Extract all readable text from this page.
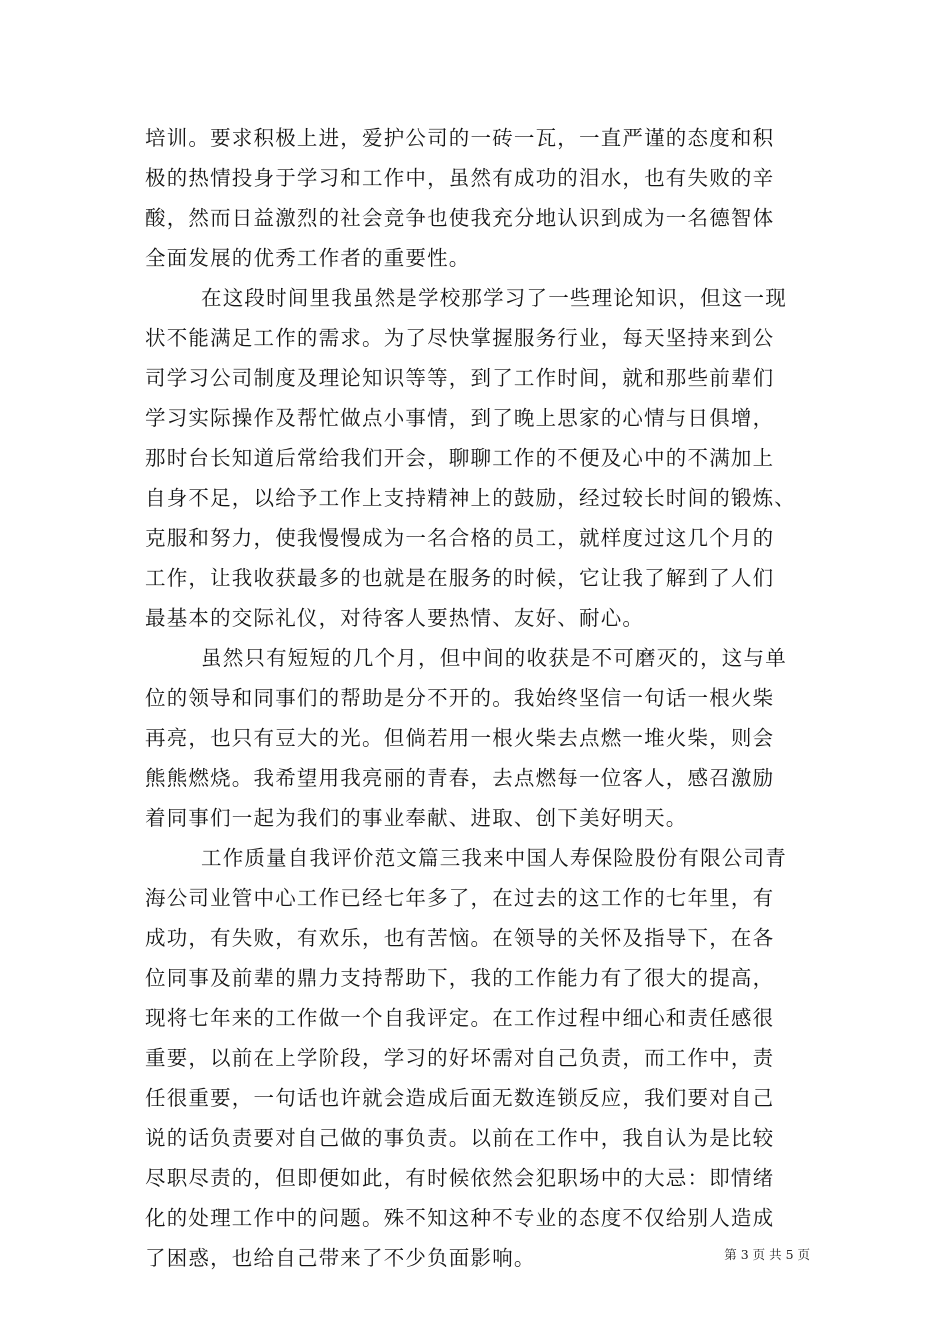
培训。要求积极上进，爱护公司的一砖一瓦，一直严谨的态度和积
极的热情投身于学习和工作中，虽然有成功的泪水，也有失败的辛
酸，然而日益激烈的社会竞争也使我充分地认识到成为一名德智体
全面发展的优秀工作者的重要性。
在这段时间里我虽然是学校那学习了一些理论知识，但这一现
状不能满足工作的需求。为了尽快掌握服务行业，每天坚持来到公
司学习公司制度及理论知识等等，到了工作时间，就和那些前辈们
学习实际操作及帮忙做点小事情，到了晚上思家的心情与日俱增，
那时台长知道后常给我们开会，聊聊工作的不便及心中的不满加上
自身不足，以给予工作上支持精神上的鼓励，经过较长时间的锻炼、
克服和努力，使我慢慢成为一名合格的员工，就样度过这几个月的
工作，让我收获最多的也就是在服务的时候，它让我了解到了人们
最基本的交际礼仪，对待客人要热情、友好、耐心。
虽然只有短短的几个月，但中间的收获是不可磨灭的，这与单
位的领导和同事们的帮助是分不开的。我始终坚信一句话一根火柴
再亮，也只有豆大的光。但倘若用一根火柴去点燃一堆火柴，则会
熊熊燃烧。我希望用我亮丽的青春，去点燃每一位客人，感召激励
着同事们一起为我们的事业奉献、进取、创下美好明天。
工作质量自我评价范文篇三我来中国人寿保险股份有限公司青
海公司业管中心工作已经七年多了，在过去的这工作的七年里，有
成功，有失败，有欢乐，也有苦恼。在领导的关怀及指导下，在各
位同事及前辈的鼎力支持帮助下，我的工作能力有了很大的提高，
现将七年来的工作做一个自我评定。在工作过程中细心和责任感很
重要，以前在上学阶段，学习的好坏需对自己负责，而工作中，责
任很重要，一句话也许就会造成后面无数连锁反应，我们要对自己
说的话负责要对自己做的事负责。以前在工作中，我自认为是比较
尽职尽责的，但即便如此，有时候依然会犯职场中的大忌：即情绪
化的处理工作中的问题。殊不知这种不专业的态度不仅给别人造成
了困惑，也给自己带来了不少负面影响。	第 3 页 共 5 页
